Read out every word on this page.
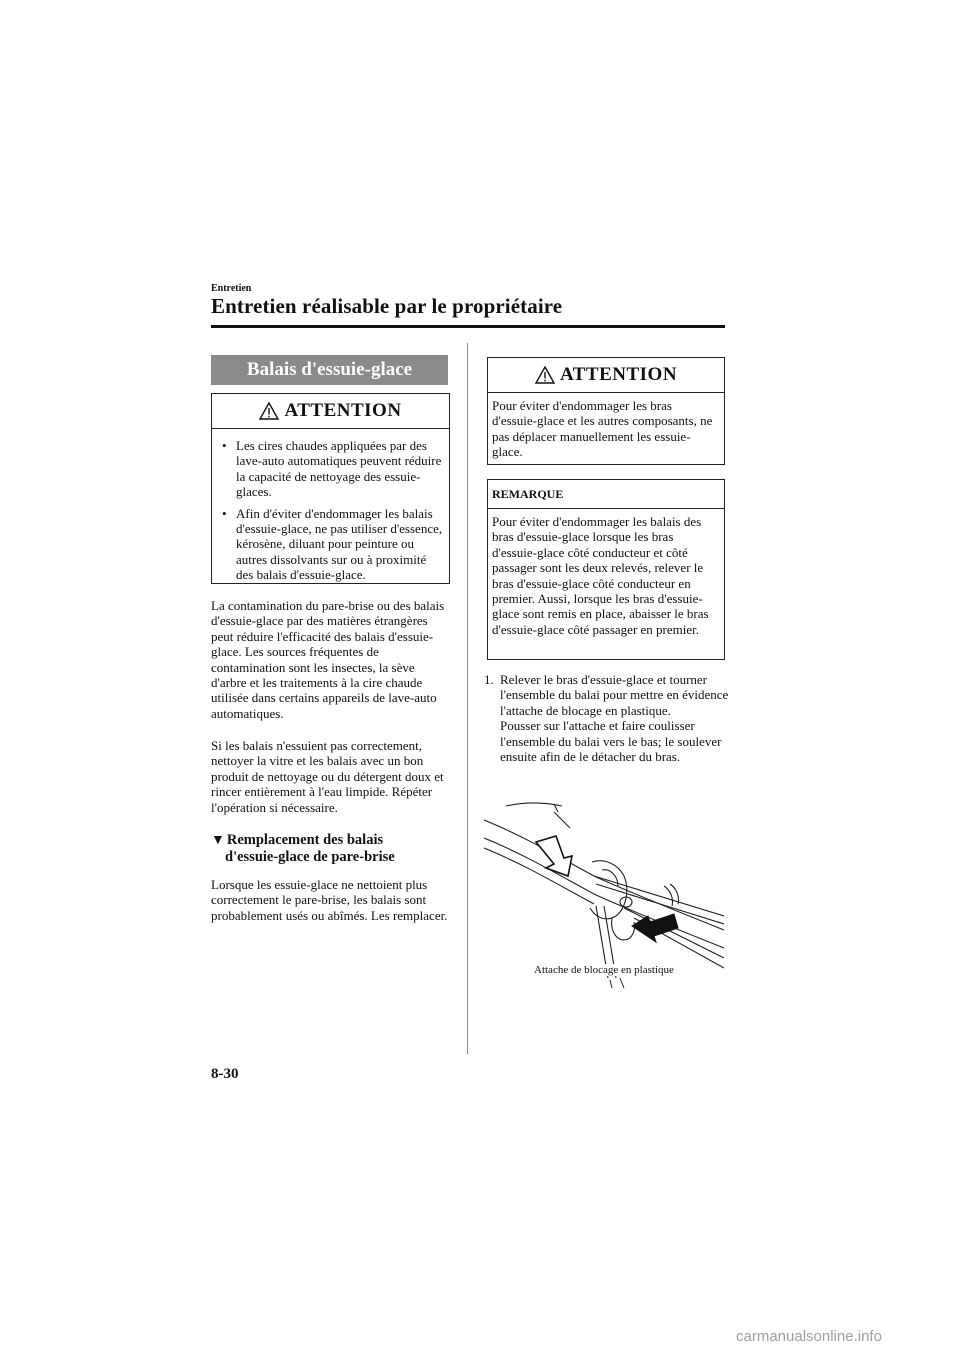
Entretien
Entretien réalisable par le propriétaire
Balais d'essuie-glace
ATTENTION
• Les cires chaudes appliquées par des lave-auto automatiques peuvent réduire la capacité de nettoyage des essuie-glaces.
• Afin d'éviter d'endommager les balais d'essuie-glace, ne pas utiliser d'essence, kérosène, diluant pour peinture ou autres dissolvants sur ou à proximité des balais d'essuie-glace.
La contamination du pare-brise ou des balais d'essuie-glace par des matières étrangères peut réduire l'efficacité des balais d'essuie-glace. Les sources fréquentes de contamination sont les insectes, la sève d'arbre et les traitements à la cire chaude utilisée dans certains appareils de lave-auto automatiques.
Si les balais n'essuient pas correctement, nettoyer la vitre et les balais avec un bon produit de nettoyage ou du détergent doux et rincer entièrement à l'eau limpide. Répéter l'opération si nécessaire.
▼ Remplacement des balais
d'essuie-glace de pare-brise
Lorsque les essuie-glace ne nettoient plus correctement le pare-brise, les balais sont probablement usés ou abîmés. Les remplacer.
ATTENTION
Pour éviter d'endommager les bras d'essuie-glace et les autres composants, ne pas déplacer manuellement les essuie-glace.
REMARQUE
Pour éviter d'endommager les balais des bras d'essuie-glace lorsque les bras d'essuie-glace côté conducteur et côté passager sont les deux relevés, relever le bras d'essuie-glace côté conducteur en premier. Aussi, lorsque les bras d'essuie-glace sont remis en place, abaisser le bras d'essuie-glace côté passager en premier.
1. Relever le bras d'essuie-glace et tourner l'ensemble du balai pour mettre en évidence l'attache de blocage en plastique.
Pousser sur l'attache et faire coulisser l'ensemble du balai vers le bas; le soulever ensuite afin de le détacher du bras.
Attache de blocage en plastique
8-30
carmanualsonline.info
